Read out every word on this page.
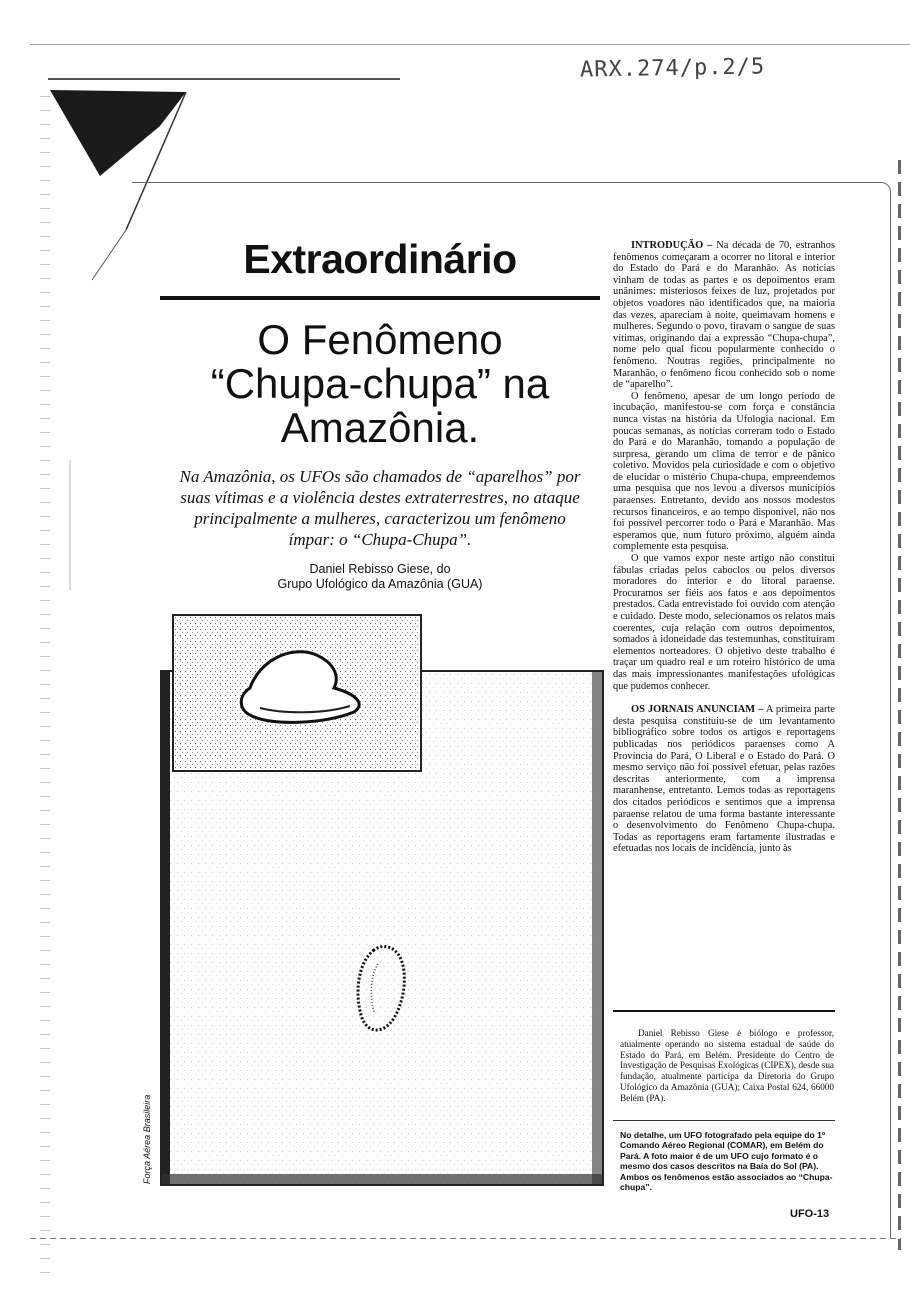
ARX.274/p.2/5
Extraordinário
O Fenômeno
“Chupa-chupa” na
Amazônia.
Na Amazônia, os UFOs são chamados de “aparelhos” por suas vítimas e a violência destes extraterrestres, no ataque principalmente a mulheres, caracterizou um fenômeno ímpar: o “Chupa-Chupa”.
Daniel Rebisso Giese, do
Grupo Ufológico da Amazônia (GUA)
Força Aérea Brasileira

INTRODUÇÃO – Na década de 70, estranhos fenômenos começaram a ocorrer no litoral e interior do Estado do Pará e do Maranhão. As notícias vinham de todas as partes e os depoimentos eram unânimes: misteriosos feixes de luz, projetados por objetos voadores não identificados que, na maioria das vezes, apareciam à noite, queimavam homens e mulheres. Segundo o povo, tiravam o sangue de suas vítimas, originando daí a expressão “Chupa-chupa”, nome pelo qual ficou popularmente conhecido o fenômeno. Noutras regiões, principalmente no Maranhão, o fenômeno ficou conhecido sob o nome de “aparelho”.

O fenômeno, apesar de um longo período de incubação, manifestou-se com força e constância nunca vistas na história da Ufologia nacional. Em poucas semanas, as notícias correram todo o Estado do Pará e do Maranhão, tomando a população de surpresa, gerando um clima de terror e de pânico coletivo. Movidos pela curiosidade e com o objetivo de elucidar o mistério Chupa-chupa, empreendemos uma pesquisa que nos levou a diversos municípios paraenses. Entretanto, devido aos nossos modestos recursos financeiros, e ao tempo disponível, não nos foi possível percorrer todo o Pará e Maranhão. Mas esperamos que, num futuro próximo, alguém ainda complemente esta pesquisa.

O que vamos expor neste artigo não constitui fábulas criadas pelos caboclos ou pelos diversos moradores do interior e do litoral paraense. Procuramos ser fiéis aos fatos e aos depoimentos prestados. Cada entrevistado foi ouvido com atenção e cuidado. Deste modo, selecionamos os relatos mais coerentes, cuja relação com outros depoimentos, somados à idoneidade das testemunhas, constituíram elementos norteadores. O objetivo deste trabalho é traçar um quadro real e um roteiro histórico de uma das mais impressionantes manifestações ufológicas que pudemos conhecer.

OS JORNAIS ANUNCIAM – A primeira parte desta pesquisa constituiu-se de um levantamento bibliográfico sobre todos os artigos e reportagens publicadas nos periódicos paraenses como A Província do Pará, O Liberal e o Estado do Pará. O mesmo serviço não foi possível efetuar, pelas razões descritas anteriormente, com a imprensa maranhense, entretanto. Lemos todas as reportagens dos citados periódicos e sentimos que a imprensa paraense relatou de uma forma bastante interessante o desenvolvimento do Fenômeno Chupa-chupa. Todas as reportagens eram fartamente ilustradas e efetuadas nos locais de incidência, junto às

Daniel Rebisso Giese é biólogo e professor, atualmente operando no sistema estadual de saúde do Estado do Pará, em Belém. Presidente do Centro de Investigação de Pesquisas Exológicas (CIPEX), desde sua fundação, atualmente participa da Diretoria do Grupo Ufológico da Amazônia (GUA); Caixa Postal 624, 66000 Belém (PA).
No detalhe, um UFO fotografado pela equipe do 1º Comando Aéreo Regional (COMAR), em Belém do Pará. A foto maior é de um UFO cujo formato é o mesmo dos casos descritos na Baía do Sol (PA). Ambos os fenômenos estão associados ao “Chupa-chupa”.
UFO-13
